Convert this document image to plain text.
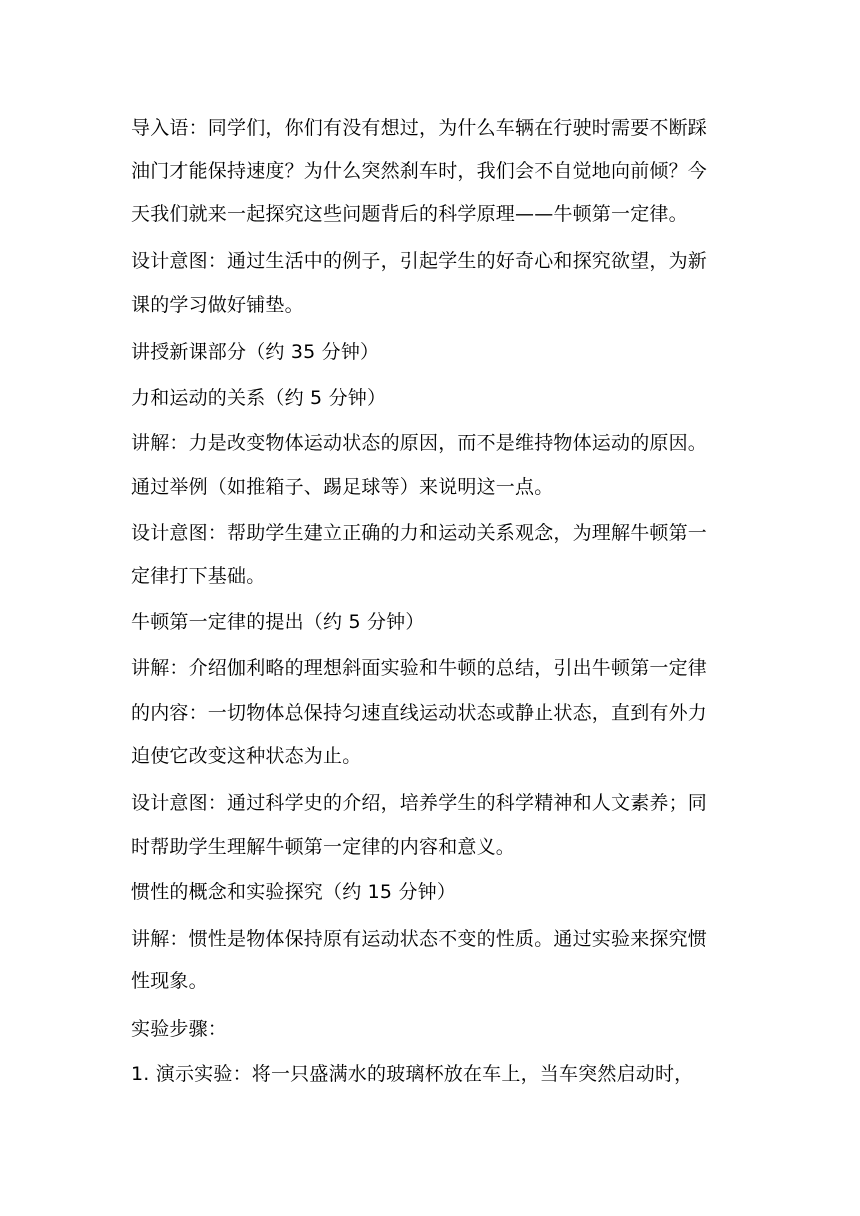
导入语：同学们，你们有没有想过，为什么车辆在行驶时需要不断踩
油门才能保持速度？为什么突然刹车时，我们会不自觉地向前倾？今
天我们就来一起探究这些问题背后的科学原理——牛顿第一定律。
设计意图：通过生活中的例子，引起学生的好奇心和探究欲望，为新
课的学习做好铺垫。
讲授新课部分（约 35 分钟）
力和运动的关系（约 5 分钟）
讲解：力是改变物体运动状态的原因，而不是维持物体运动的原因。
通过举例（如推箱子、踢足球等）来说明这一点。
设计意图：帮助学生建立正确的力和运动关系观念，为理解牛顿第一
定律打下基础。
牛顿第一定律的提出（约 5 分钟）
讲解：介绍伽利略的理想斜面实验和牛顿的总结，引出牛顿第一定律
的内容：一切物体总保持匀速直线运动状态或静止状态，直到有外力
迫使它改变这种状态为止。
设计意图：通过科学史的介绍，培养学生的科学精神和人文素养；同
时帮助学生理解牛顿第一定律的内容和意义。
惯性的概念和实验探究（约 15 分钟）
讲解：惯性是物体保持原有运动状态不变的性质。通过实验来探究惯
性现象。
实验步骤：
1. 演示实验：将一只盛满水的玻璃杯放在车上，当车突然启动时，
